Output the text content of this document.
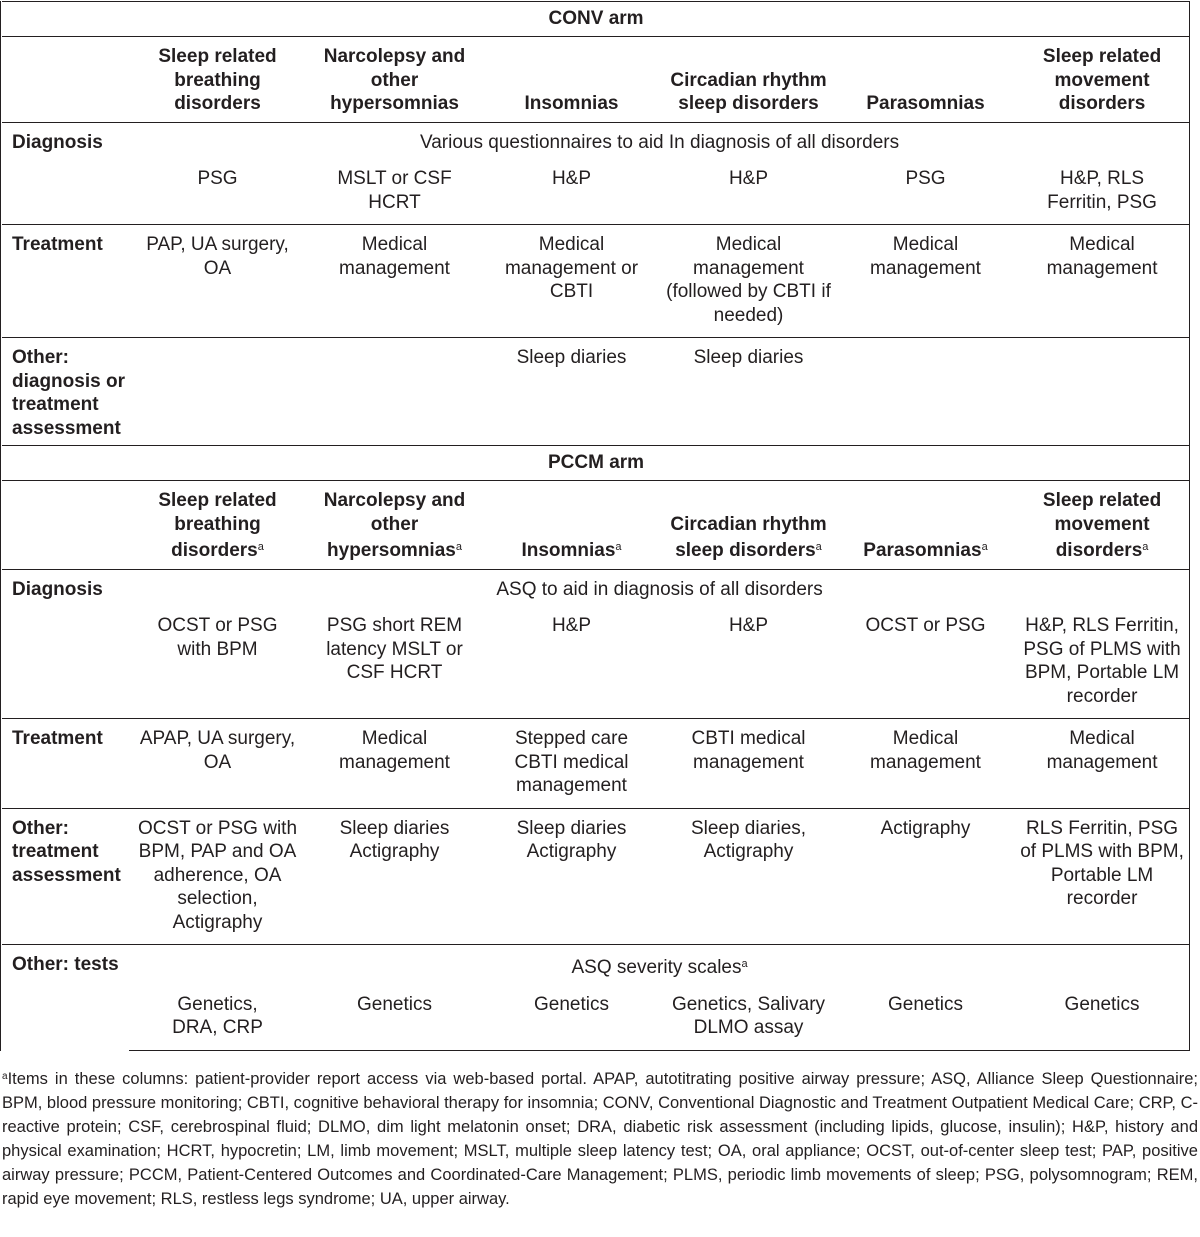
CONV arm						
	Sleep related breathing disorders	Narcolepsy and other hypersomnias	Insomnias	Circadian rhythm sleep disorders	Parasomnias	Sleep related movement disorders
Diagnosis	Various questionnaires to aid In diagnosis of all disorders					
	PSG	MSLT or CSF HCRT	H&P	H&P	PSG	H&P, RLS Ferritin, PSG
Treatment	PAP, UA surgery, OA	Medical management	Medical management or CBTI	Medical management (followed by CBTI if needed)	Medical management	Medical management
Other: diagnosis or treatment assessment			Sleep diaries	Sleep diaries		
PCCM arm						
	Sleep related breathing disorders$^a$	Narcolepsy and other hypersomnias$^a$	Insomnias$^a$	Circadian rhythm sleep disorders$^a$	Parasomnias$^a$	Sleep related movement disorders$^a$
Diagnosis	ASQ to aid in diagnosis of all disorders					
	OCST or PSG with BPM	PSG short REM latency MSLT or CSF HCRT	H&P	H&P	OCST or PSG	H&P, RLS Ferritin, PSG of PLMS with BPM, Portable LM recorder
Treatment	APAP, UA surgery, OA	Medical management	Stepped care CBTI medical management	CBTI medical management	Medical management	Medical management
Other: treatment assessment	OCST or PSG with BPM, PAP and OA adherence, OA selection, Actigraphy	Sleep diaries Actigraphy	Sleep diaries Actigraphy	Sleep diaries, Actigraphy	Actigraphy	RLS Ferritin, PSG of PLMS with BPM, Portable LM recorder
Other: tests	ASQ severity scales$^a$
	Genetics, DRA, CRP	Genetics	Genetics	Genetics, Salivary DLMO assay	Genetics	Genetics
$^a$Items in these columns: patient-provider report access via web-based portal. APAP, autotitrating positive airway pressure; ASQ, Alliance Sleep Questionnaire; BPM, blood pressure monitoring; CBTI, cognitive behavioral therapy for insomnia; CONV, Conventional Diagnostic and Treatment Outpatient Medical Care; CRP, C-reactive protein; CSF, cerebrospinal fluid; DLMO, dim light melatonin onset; DRA, diabetic risk assessment (including lipids, glucose, insulin); H&P, history and physical examination; HCRT, hypocretin; LM, limb movement; MSLT, multiple sleep latency test; OA, oral appliance; OCST, out-of-center sleep test; PAP, positive airway pressure; PCCM, Patient-Centered Outcomes and Coordinated-Care Management; PLMS, periodic limb movements of sleep; PSG, polysomnogram; REM, rapid eye movement; RLS, restless legs syndrome; UA, upper airway.
